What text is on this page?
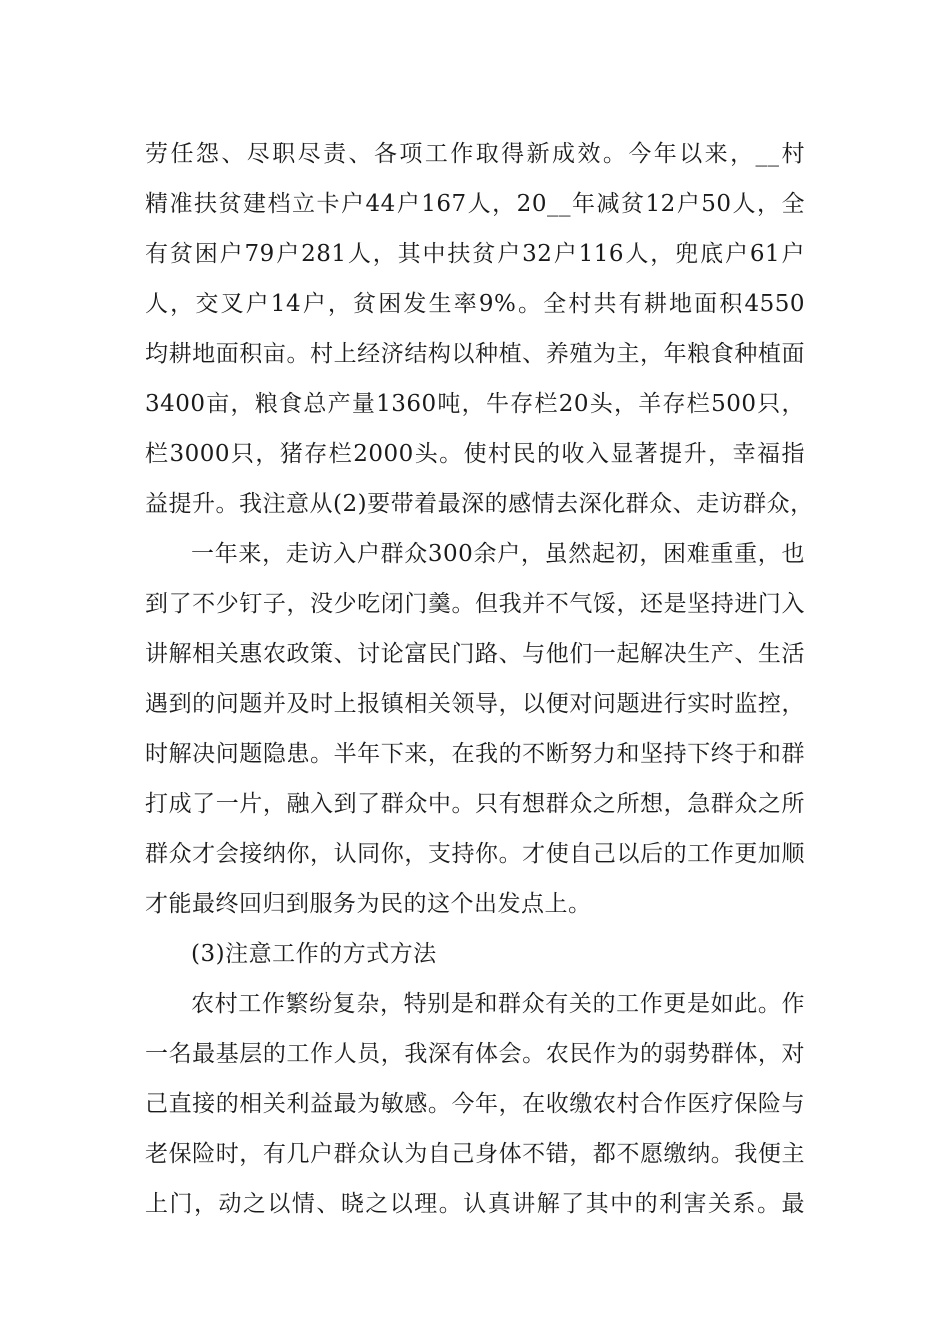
劳任怨、尽职尽责、各项工作取得新成效。今年以来，__村
精准扶贫建档立卡户44户167人，20__年减贫12户50人，全
有贫困户79户281人，其中扶贫户32户116人，兜底户61户
人，交叉户14户，贫困发生率9%。全村共有耕地面积4550
均耕地面积亩。村上经济结构以种植、养殖为主，年粮食种植面
3400亩，粮食总产量1360吨，牛存栏20头，羊存栏500只，
栏3000只，猪存栏2000头。使村民的收入显著提升，幸福指
益提升。我注意从(2)要带着最深的感情去深化群众、走访群众，
一年来，走访入户群众300余户，虽然起初，困难重重，也
到了不少钉子，没少吃闭门羹。但我并不气馁，还是坚持进门入
讲解相关惠农政策、讨论富民门路、与他们一起解决生产、生活
遇到的问题并及时上报镇相关领导，以便对问题进行实时监控，
时解决问题隐患。半年下来，在我的不断努力和坚持下终于和群
打成了一片，融入到了群众中。只有想群众之所想，急群众之所
群众才会接纳你，认同你，支持你。才使自己以后的工作更加顺
才能最终回归到服务为民的这个出发点上。
(3)注意工作的方式方法
农村工作繁纷复杂，特别是和群众有关的工作更是如此。作
一名最基层的工作人员，我深有体会。农民作为的弱势群体，对
己直接的相关利益最为敏感。今年，在收缴农村合作医疗保险与
老保险时，有几户群众认为自己身体不错，都不愿缴纳。我便主
上门，动之以情、晓之以理。认真讲解了其中的利害关系。最
